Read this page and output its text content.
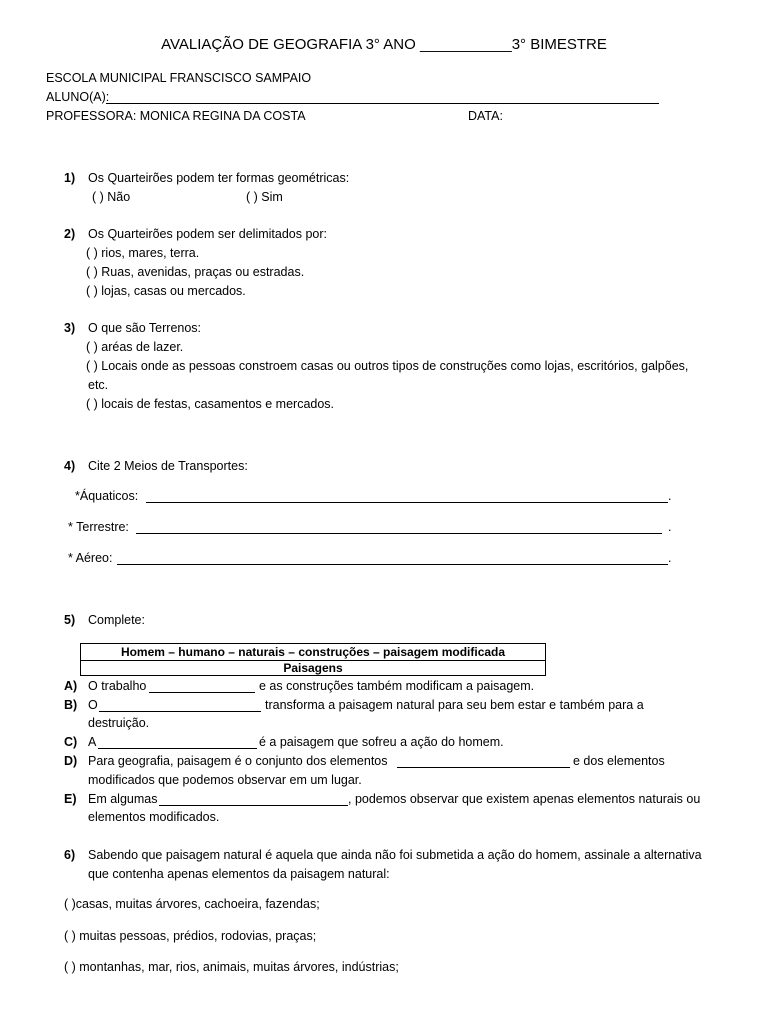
AVALIAÇÃO DE GEOGRAFIA 3° ANO ___________3° BIMESTRE
ESCOLA MUNICIPAL FRANSCISCO SAMPAIO
ALUNO(A):
PROFESSORA: MONICA REGINA DA COSTA	DATA:
1) Os Quarteirões podem ter formas geométricas:
( ) Não	( ) Sim
2) Os Quarteirões podem ser delimitados por:
( ) rios, mares, terra.
( ) Ruas, avenidas, praças ou estradas.
( ) lojas, casas ou mercados.
3) O que são Terrenos:
( ) aréas de lazer.
( ) Locais onde as pessoas constroem casas ou outros tipos de construções como lojas, escritórios, galpões,
etc.
( ) locais de festas, casamentos e mercados.
4) Cite 2 Meios de Transportes:
*Áquaticos:	.
* Terrestre:	.
* Aéreo:	.
5) Complete:
Homem – humano – naturais – construções – paisagem modificada
Paisagens
A) O trabalho	e as construções também modificam a paisagem.
B) O	transforma a paisagem natural para seu bem estar e também para a
destruição.
C) A	é a paisagem que sofreu a ação do homem.
D) Para geografia, paisagem é o conjunto dos elementos	e dos elementos
modificados que podemos observar em um lugar.
E) Em algumas	, podemos observar que existem apenas elementos naturais ou
elementos modificados.
6) Sabendo que paisagem natural é aquela que ainda não foi submetida a ação do homem, assinale a alternativa
que contenha apenas elementos da paisagem natural:
( )casas, muitas árvores, cachoeira, fazendas;
( ) muitas pessoas, prédios, rodovias, praças;
( ) montanhas, mar, rios, animais, muitas árvores, indústrias;
